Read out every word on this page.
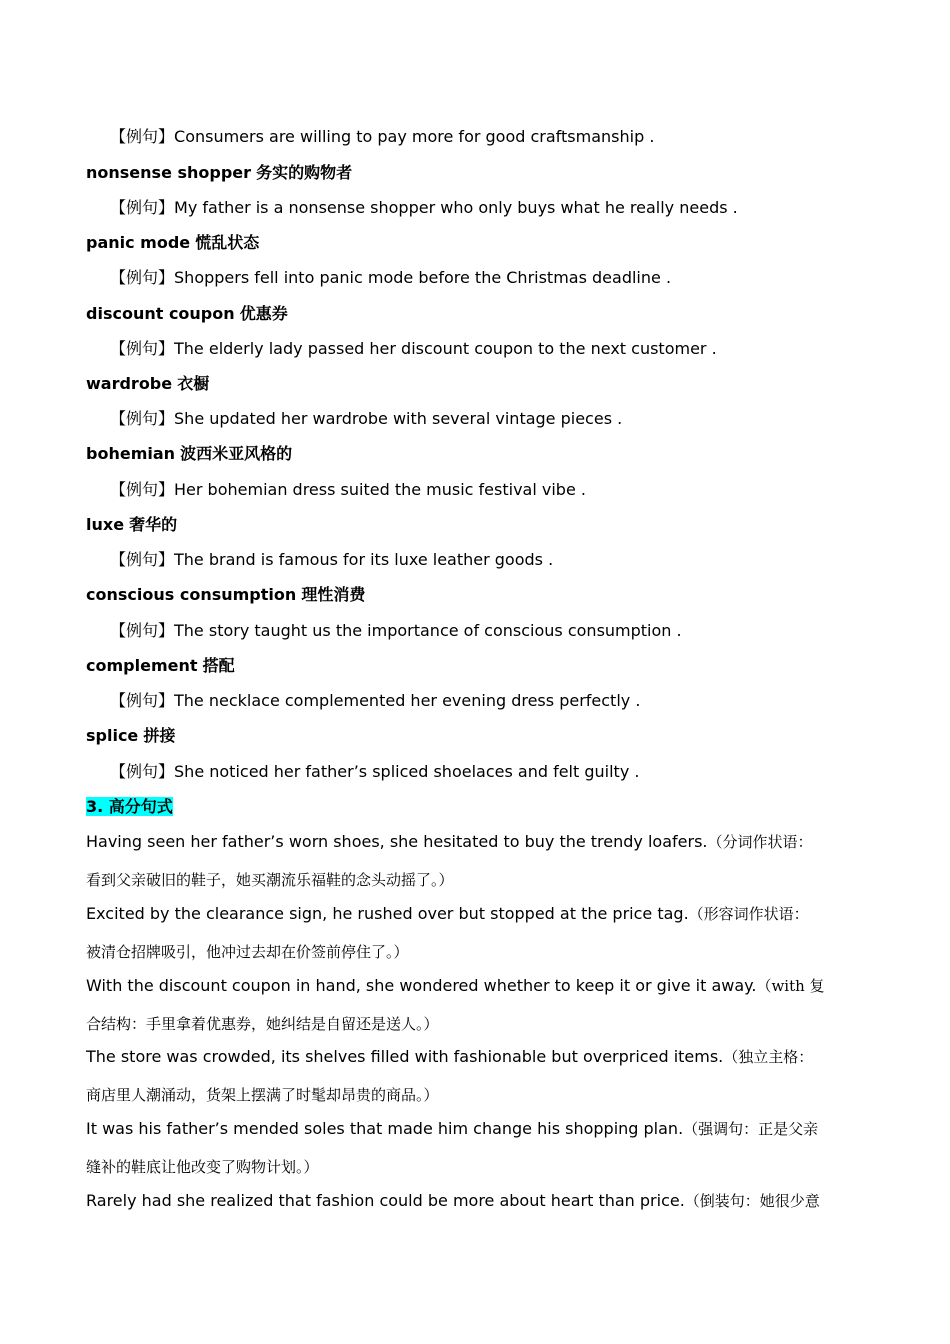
【例句】Consumers are willing to pay more for good craftsmanship .
nonsense shopper 务实的购物者
【例句】My father is a nonsense shopper who only buys what he really needs .
panic mode 慌乱状态
【例句】Shoppers fell into panic mode before the Christmas deadline .
discount coupon 优惠券
【例句】The elderly lady passed her discount coupon to the next customer .
wardrobe 衣橱
【例句】She updated her wardrobe with several vintage pieces .
bohemian 波西米亚风格的
【例句】Her bohemian dress suited the music festival vibe .
luxe 奢华的
【例句】The brand is famous for its luxe leather goods .
conscious consumption 理性消费
【例句】The story taught us the importance of conscious consumption .
complement 搭配
【例句】The necklace complemented her evening dress perfectly .
splice 拼接
【例句】She noticed her father’s spliced shoelaces and felt guilty .
3. 高分句式
Having seen her father’s worn shoes, she hesitated to buy the trendy loafers.（分词作状语：
看到父亲破旧的鞋子，她买潮流乐福鞋的念头动摇了。）
Excited by the clearance sign, he rushed over but stopped at the price tag.（形容词作状语：
被清仓招牌吸引，他冲过去却在价签前停住了。）
With the discount coupon in hand, she wondered whether to keep it or give it away.（with 复
合结构：手里拿着优惠券，她纠结是自留还是送人。）
The store was crowded, its shelves filled with fashionable but overpriced items.（独立主格：
商店里人潮涌动，货架上摆满了时髦却昂贵的商品。）
It was his father’s mended soles that made him change his shopping plan.（强调句：正是父亲
缝补的鞋底让他改变了购物计划。）
Rarely had she realized that fashion could be more about heart than price.（倒装句：她很少意
